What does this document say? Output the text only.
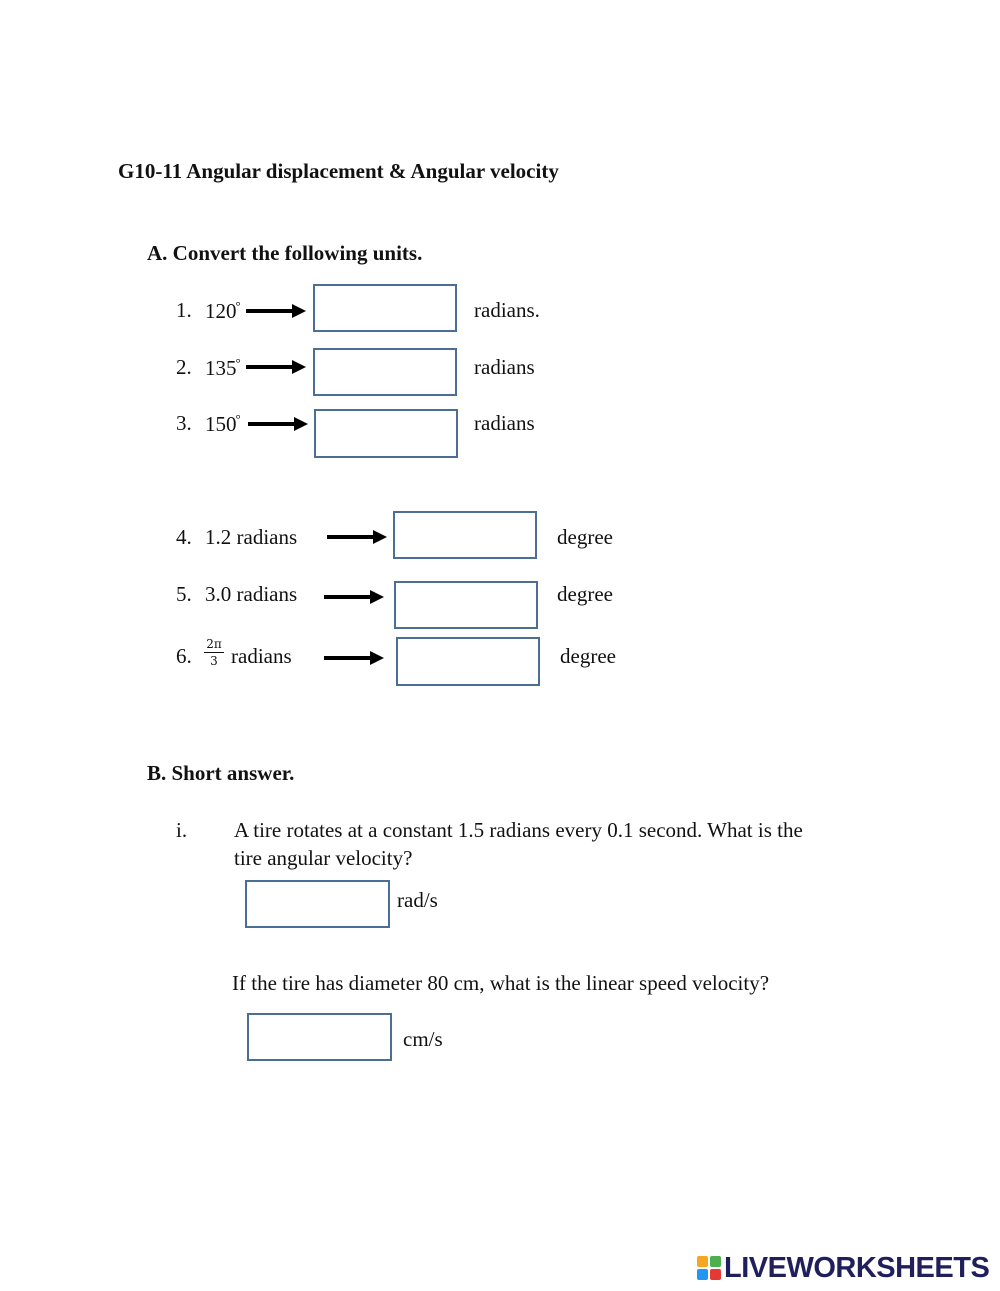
G10-11 Angular displacement & Angular velocity
A. Convert the following units.
1. 120°	radians.
2. 135°	radians
3. 150°	radians
4. 1.2 radians	degree
5. 3.0 radians	degree
6. 2π
3 radians	degree
B. Short answer.
i. A tire rotates at a constant 1.5 radians every 0.1 second. What is the
tire angular velocity?
rad/s
If the tire has diameter 80 cm, what is the linear speed velocity?
cm/s
LIVEWORKSHEETS
